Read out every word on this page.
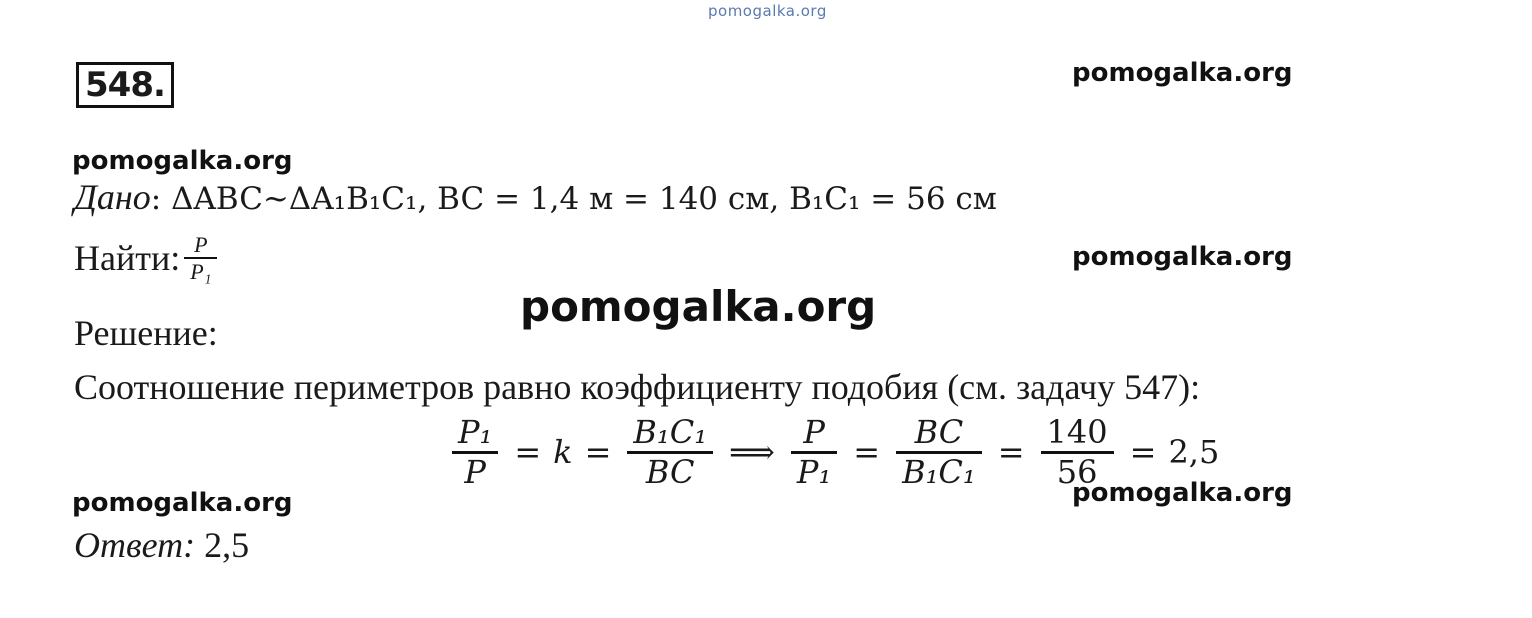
pomogalka.org
pomogalka.org
pomogalka.org
pomogalka.org
pomogalka.org
pomogalka.org	pomogalka.org
548.
Дано: ΔABC~ΔA₁B₁C₁, BC = 1,4 м = 140 см, B₁C₁ = 56 см
Найти: $\frac{P}{\text{P₁}}$
Решение:
Соотношение периметров равно коэффициенту подобия (см. задачу 547):
$\frac{\text{P₁}}{P} = k = \frac{\text{B₁C₁}}{BC}$ ⟹ $\frac{P}{\text{P₁}} = \frac{BC}{\text{B₁C₁}} = \frac{140}{56} = 2,5$
Ответ: 2,5
